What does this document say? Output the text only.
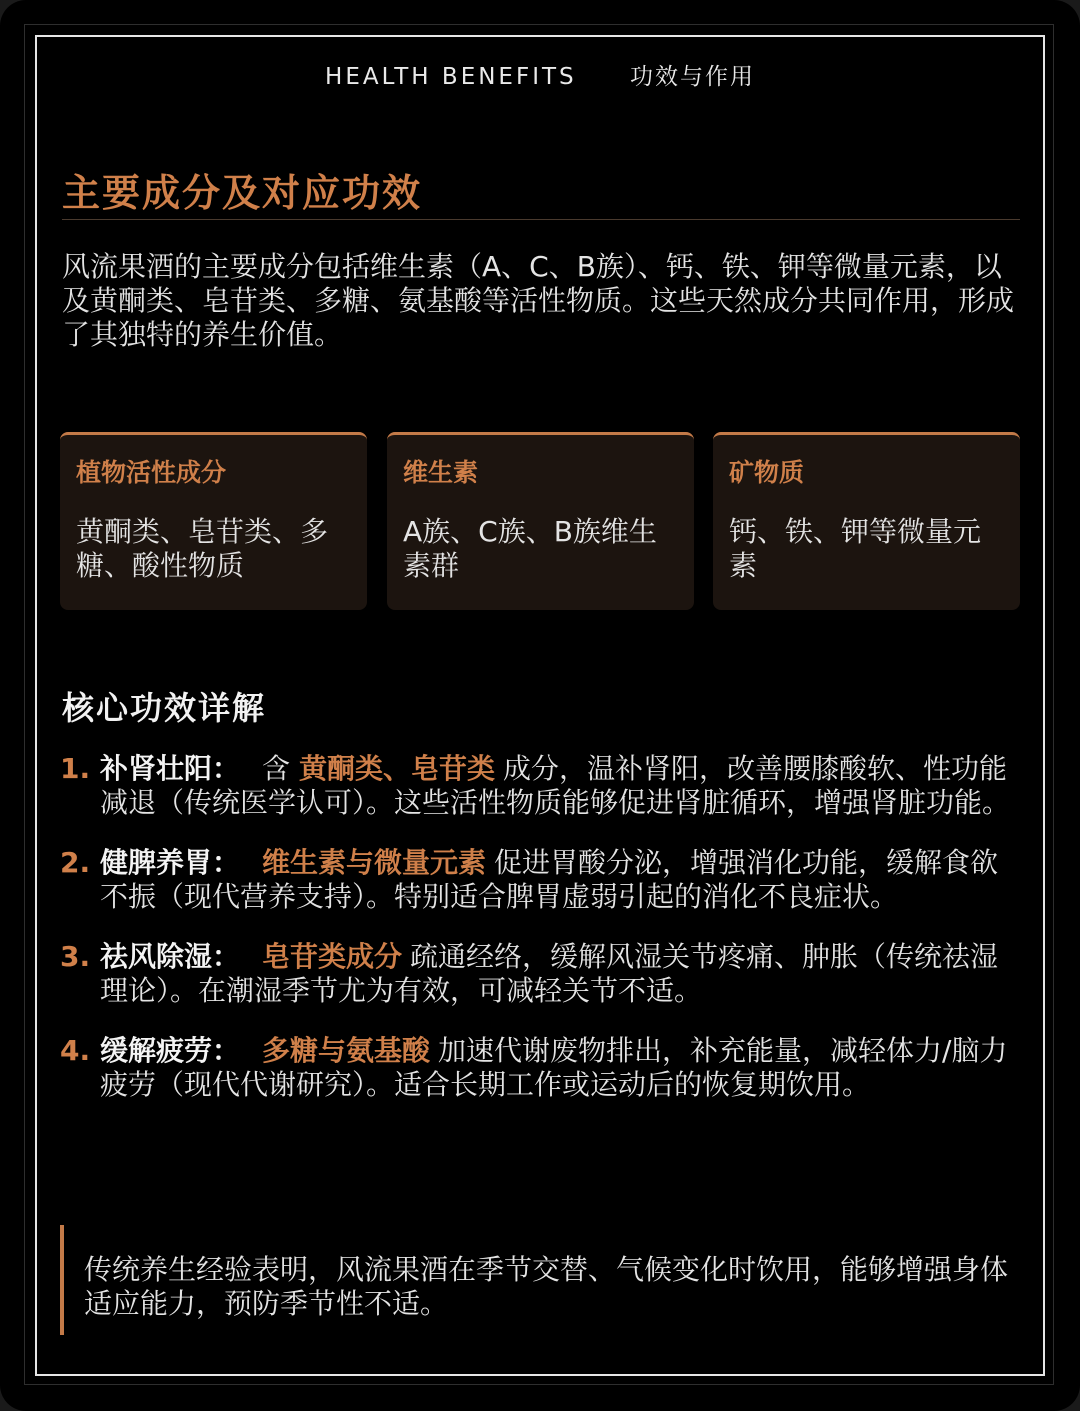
HEALTH BENEFITS 功效与作用
主要成分及对应功效
风流果酒的主要成分包括维生素（A、C、B族）、钙、铁、钾等微量元素，以及黄酮类、皂苷类、多糖、氨基酸等活性物质。这些天然成分共同作用，形成了其独特的养生价值。
植物活性成分
黄酮类、皂苷类、多糖、酸性物质
维生素
A族、C族、B族维生素群
矿物质
钙、铁、钾等微量元素
核心功效详解
1. 补肾壮阳： 含 黄酮类、皂苷类 成分，温补肾阳，改善腰膝酸软、性功能减退（传统医学认可）。这些活性物质能够促进肾脏循环，增强肾脏功能。
2. 健脾养胃： 维生素与微量元素 促进胃酸分泌，增强消化功能，缓解食欲不振（现代营养支持）。特别适合脾胃虚弱引起的消化不良症状。
3. 祛风除湿： 皂苷类成分 疏通经络，缓解风湿关节疼痛、肿胀（传统祛湿理论）。在潮湿季节尤为有效，可减轻关节不适。
4. 缓解疲劳： 多糖与氨基酸 加速代谢废物排出，补充能量，减轻体力/脑力疲劳（现代代谢研究）。适合长期工作或运动后的恢复期饮用。
传统养生经验表明，风流果酒在季节交替、气候变化时饮用，能够增强身体适应能力，预防季节性不适。
